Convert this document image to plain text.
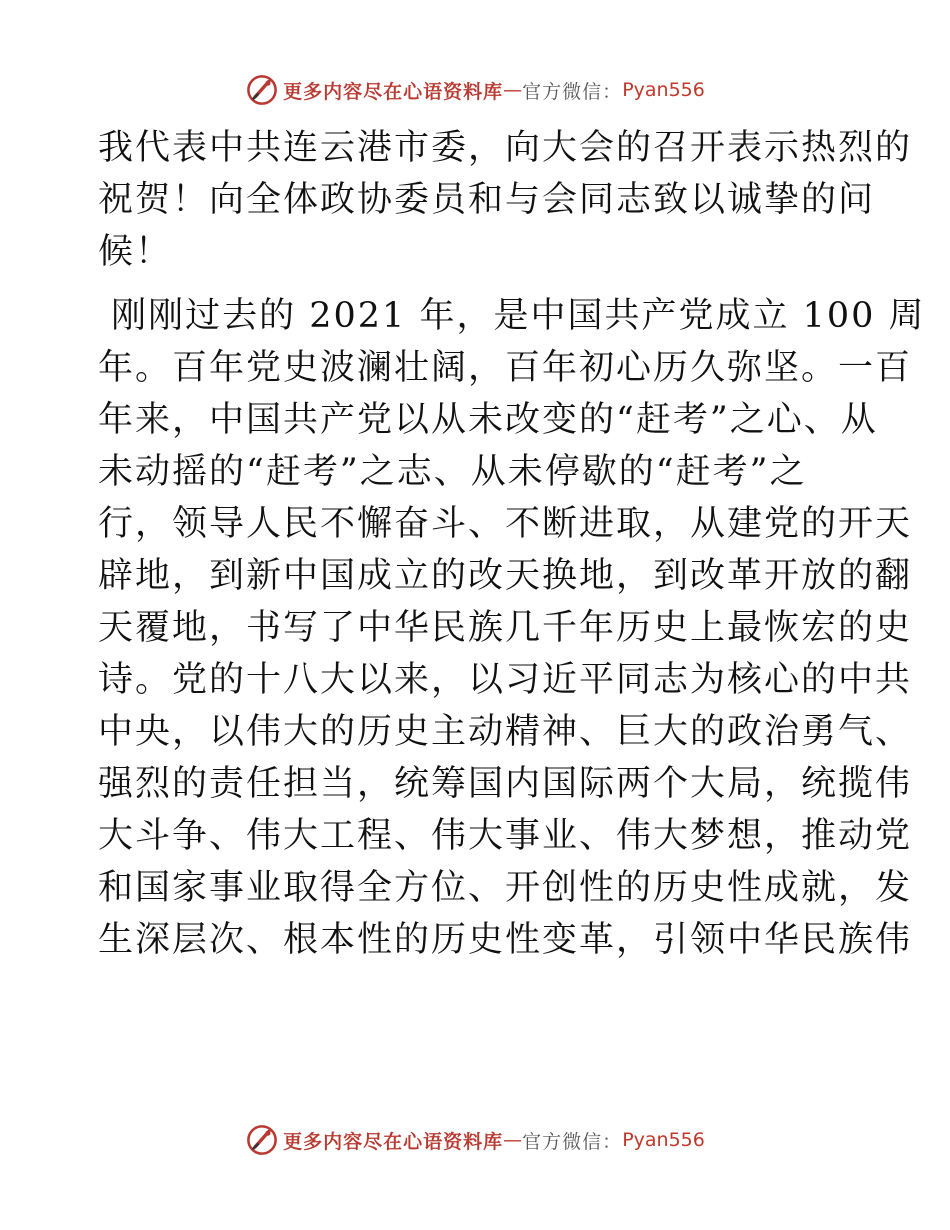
更多内容尽在心语资料库 — 官方微信： Pyan556
我代表中共连云港市委，向大会的召开表示热烈的
祝贺！向全体政协委员和与会同志致以诚挚的问
候！
刚刚过去的 2021 年，是中国共产党成立 100 周
年。百年党史波澜壮阔，百年初心历久弥坚。一百
年来，中国共产党以从未改变的“赶考”之心、从
未动摇的“赶考”之志、从未停歇的“赶考”之
行，领导人民不懈奋斗、不断进取，从建党的开天
辟地，到新中国成立的改天换地，到改革开放的翻
天覆地，书写了中华民族几千年历史上最恢宏的史
诗。党的十八大以来，以习近平同志为核心的中共
中央，以伟大的历史主动精神、巨大的政治勇气、
强烈的责任担当，统筹国内国际两个大局，统揽伟
大斗争、伟大工程、伟大事业、伟大梦想，推动党
和国家事业取得全方位、开创性的历史性成就，发
生深层次、根本性的历史性变革，引领中华民族伟
更多内容尽在心语资料库 — 官方微信： Pyan556
